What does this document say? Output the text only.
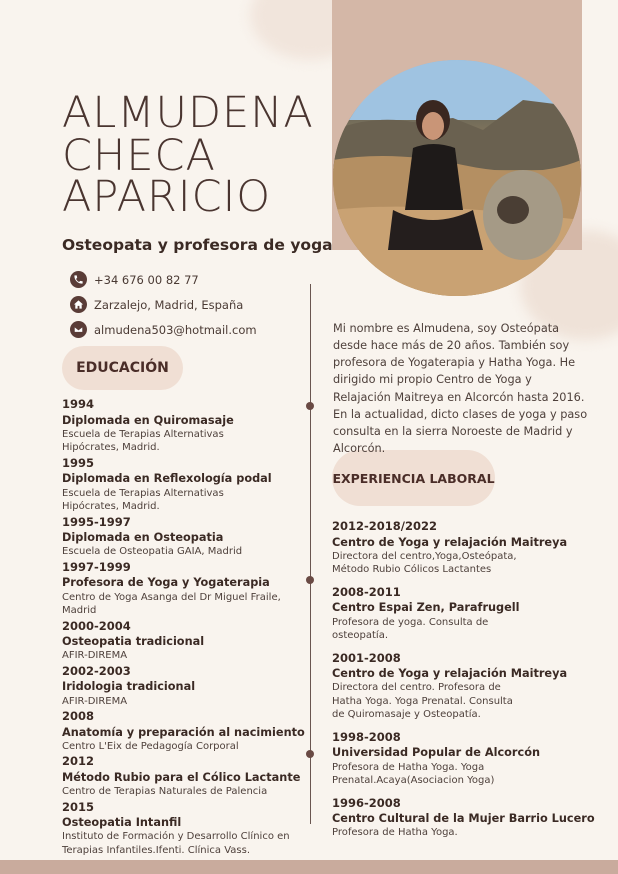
ALMUDENA
CHECA
APARICIO
Osteopata y profesora de yoga
+34 676 00 82 77
Zarzalejo, Madrid, España
almudena503@hotmail.com
EDUCACIÓN
EXPERIENCIA LABORAL
Mi nombre es Almudena, soy Osteópata desde hace más de 20 años. También soy profesora de Yogaterapia y Hatha Yoga. He dirigido mi propio Centro de Yoga y Relajación Maitreya en Alcorcón hasta 2016. En la actualidad, dicto clases de yoga y paso consulta en la sierra Noroeste de Madrid y Alcorcón.
1994
Diplomada en Quiromasaje
Escuela de Terapias Alternativas
Hipócrates, Madrid.
1995
Diplomada en Reflexología podal
Escuela de Terapias Alternativas
Hipócrates, Madrid.
1995-1997
Diplomada en Osteopatia
Escuela de Osteopatia GAIA, Madrid
1997-1999
Profesora de Yoga y Yogaterapia
Centro de Yoga Asanga del Dr Miguel Fraile,
Madrid
2000-2004
Osteopatia tradicional
AFIR-DIREMA
2002-2003
Iridologia tradicional
AFIR-DIREMA
2008
Anatomía y preparación al nacimiento
Centro L'Eix de Pedagogía Corporal
2012
Método Rubio para el Cólico Lactante
Centro de Terapias Naturales de Palencia
2015
Osteopatia Intanfil
Instituto de Formación y Desarrollo Clínico en
Terapias Infantiles.Ifenti. Clínica Vass.
2012-2018/2022
Centro de Yoga y relajación Maitreya
Directora del centro,Yoga,Osteópata,
Método Rubio Cólicos Lactantes
2008-2011
Centro Espai Zen, Parafrugell
Profesora de yoga. Consulta de
osteopatía.
2001-2008
Centro de Yoga y relajación Maitreya
Directora del centro. Profesora de
Hatha Yoga. Yoga Prenatal. Consulta
de Quiromasaje y Osteopatía.
1998-2008
Universidad Popular de Alcorcón
Profesora de Hatha Yoga. Yoga
Prenatal.Acaya(Asociacion Yoga)
1996-2008
Centro Cultural de la Mujer Barrio Lucero
Profesora de Hatha Yoga.
